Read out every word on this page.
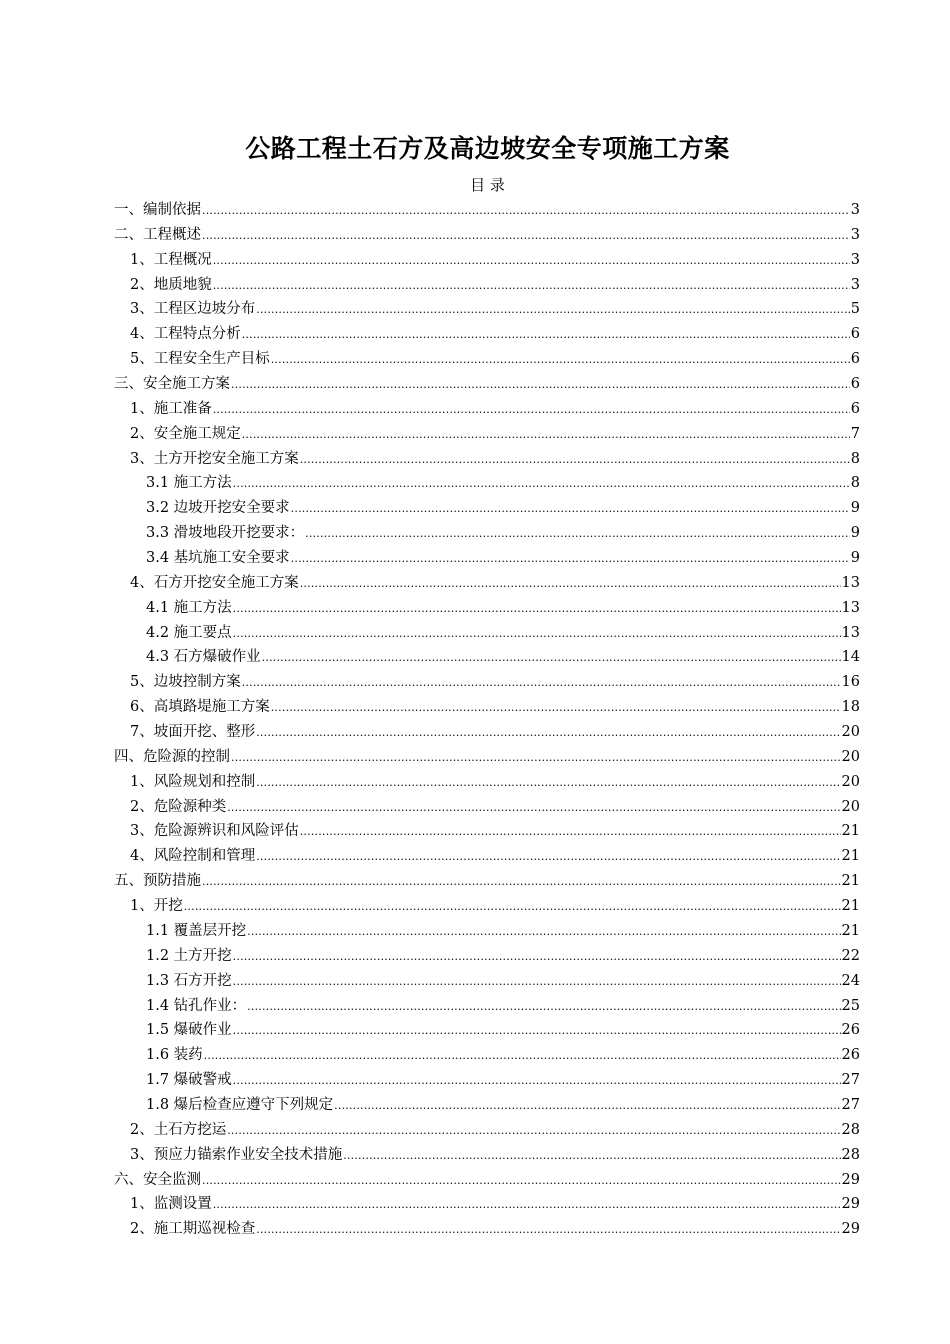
公路工程土石方及高边坡安全专项施工方案
目 录
一、编制依据 .....	3
二、工程概述 .....	3
1、工程概况 .....	3
2、地质地貌 .....	3
3、工程区边坡分布 .....	5
4、工程特点分析 .....	6
5、工程安全生产目标 .....	6
三、安全施工方案 .....	6
1、施工准备 .....	6
2、安全施工规定 .....	7
3、土方开挖安全施工方案 .....	8
3.1 施工方法 .....	8
3.2 边坡开挖安全要求 .....	9
3.3 滑坡地段开挖要求： .....	9
3.4 基坑施工安全要求 .....	9
4、石方开挖安全施工方案 .....	13
4.1 施工方法 .....	13
4.2 施工要点 .....	13
4.3 石方爆破作业 .....	14
5、边坡控制方案 .....	16
6、高填路堤施工方案 .....	18
7、坡面开挖、整形 .....	20
四、危险源的控制 .....	20
1、风险规划和控制 .....	20
2、危险源种类 .....	20
3、危险源辨识和风险评估 .....	21
4、风险控制和管理 .....	21
五、预防措施 .....	21
1、开挖 .....	21
1.1 覆盖层开挖 .....	21
1.2 土方开挖 .....	22
1.3 石方开挖 .....	24
1.4 钻孔作业： .....	25
1.5 爆破作业 .....	26
1.6 装药 .....	26
1.7 爆破警戒 .....	27
1.8 爆后检查应遵守下列规定 .....	27
2、土石方挖运 .....	28
3、预应力锚索作业安全技术措施 .....	28
六、安全监测 .....	29
1、监测设置 .....	29
2、施工期巡视检查 .....	29
